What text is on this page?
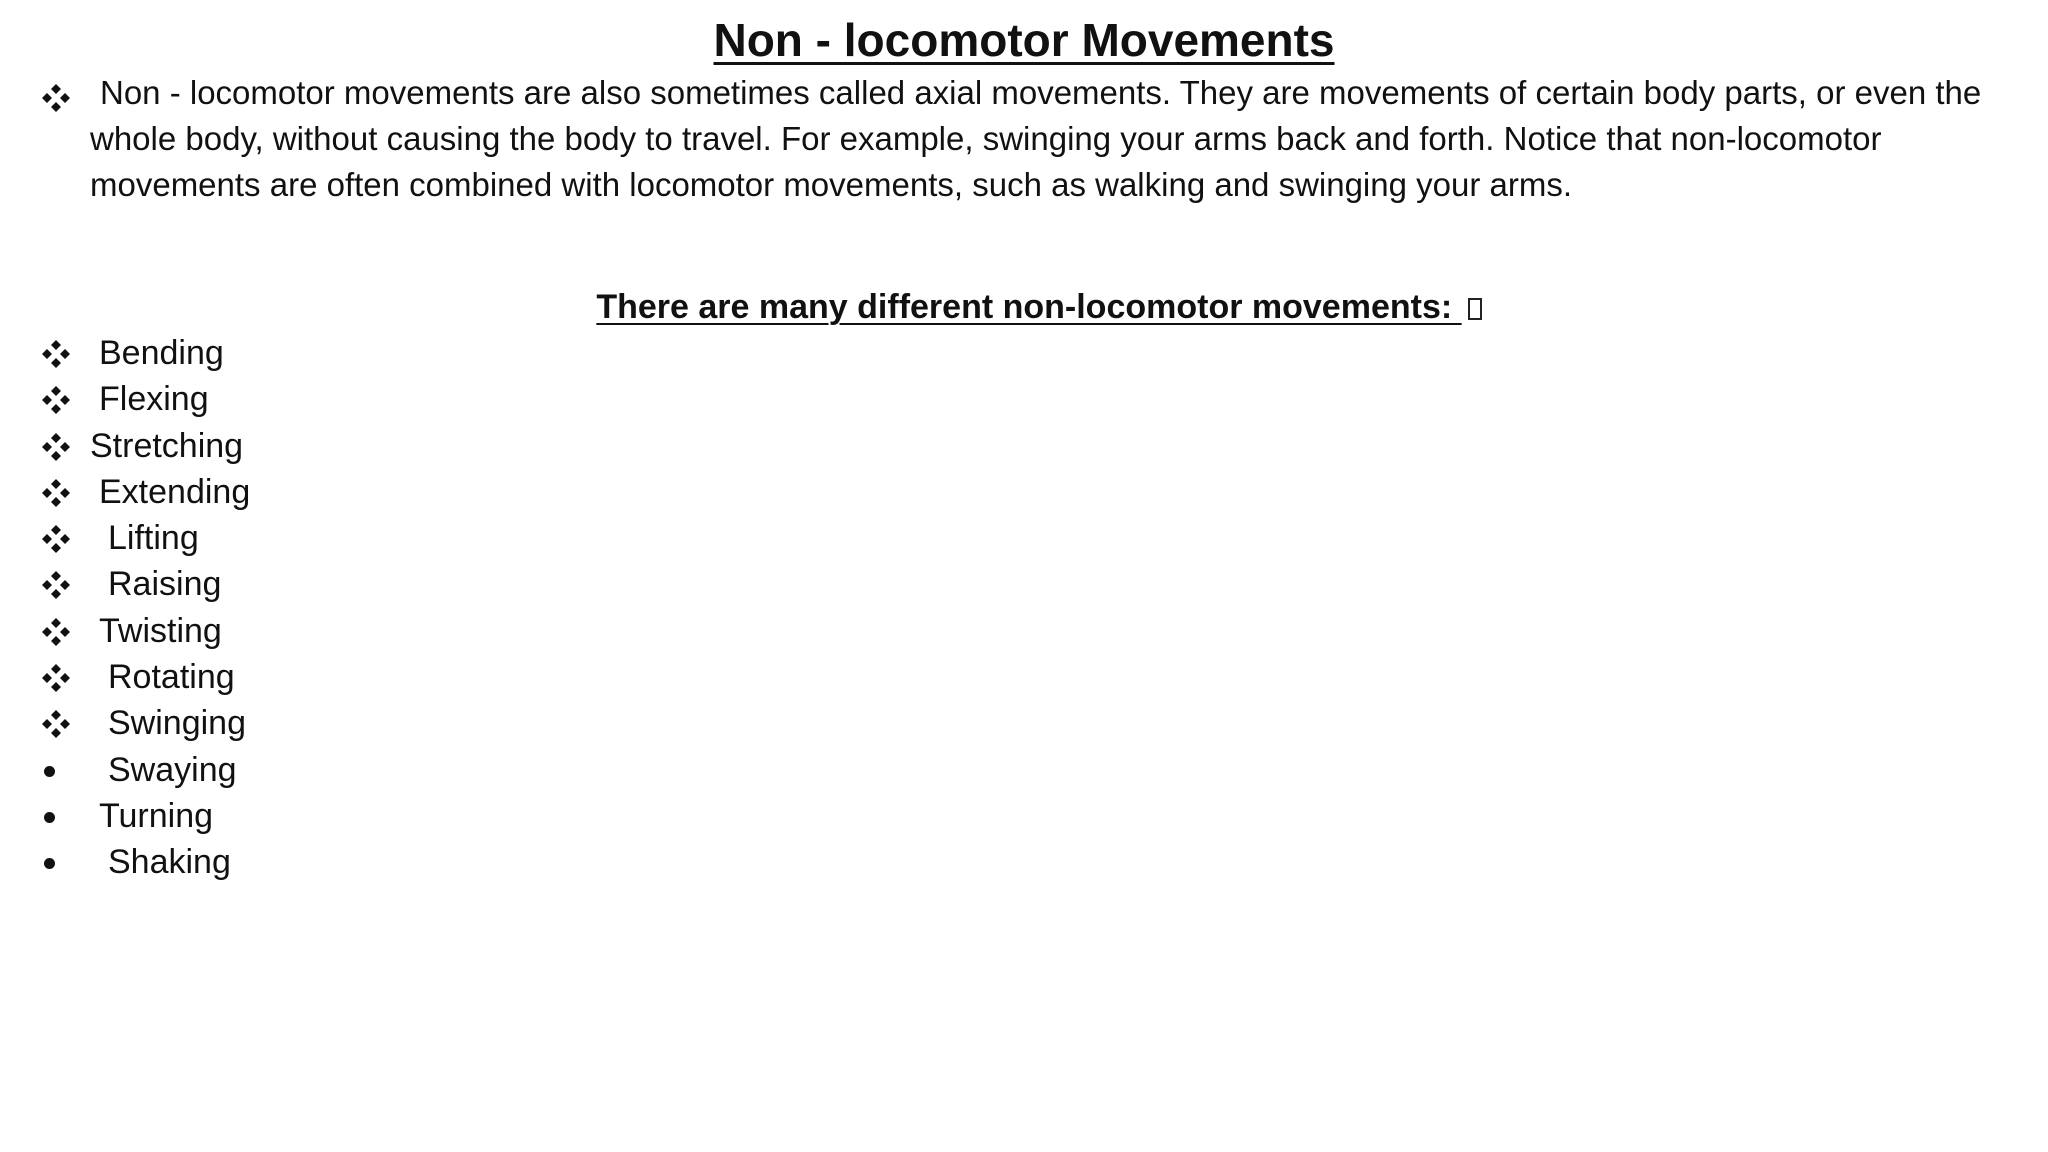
Non - locomotor Movements

Non - locomotor movements are also sometimes called axial movements. They are movements of certain body parts, or even the whole body, without causing the body to travel. For example, swinging your arms back and forth. Notice that non-locomotor movements are often combined with locomotor movements, such as walking and swinging your arms.

There are many different non-locomotor movements:
Bending
Flexing
Stretching
Extending
Lifting
Raising
Twisting
Rotating
Swinging
Swaying
Turning
Shaking
